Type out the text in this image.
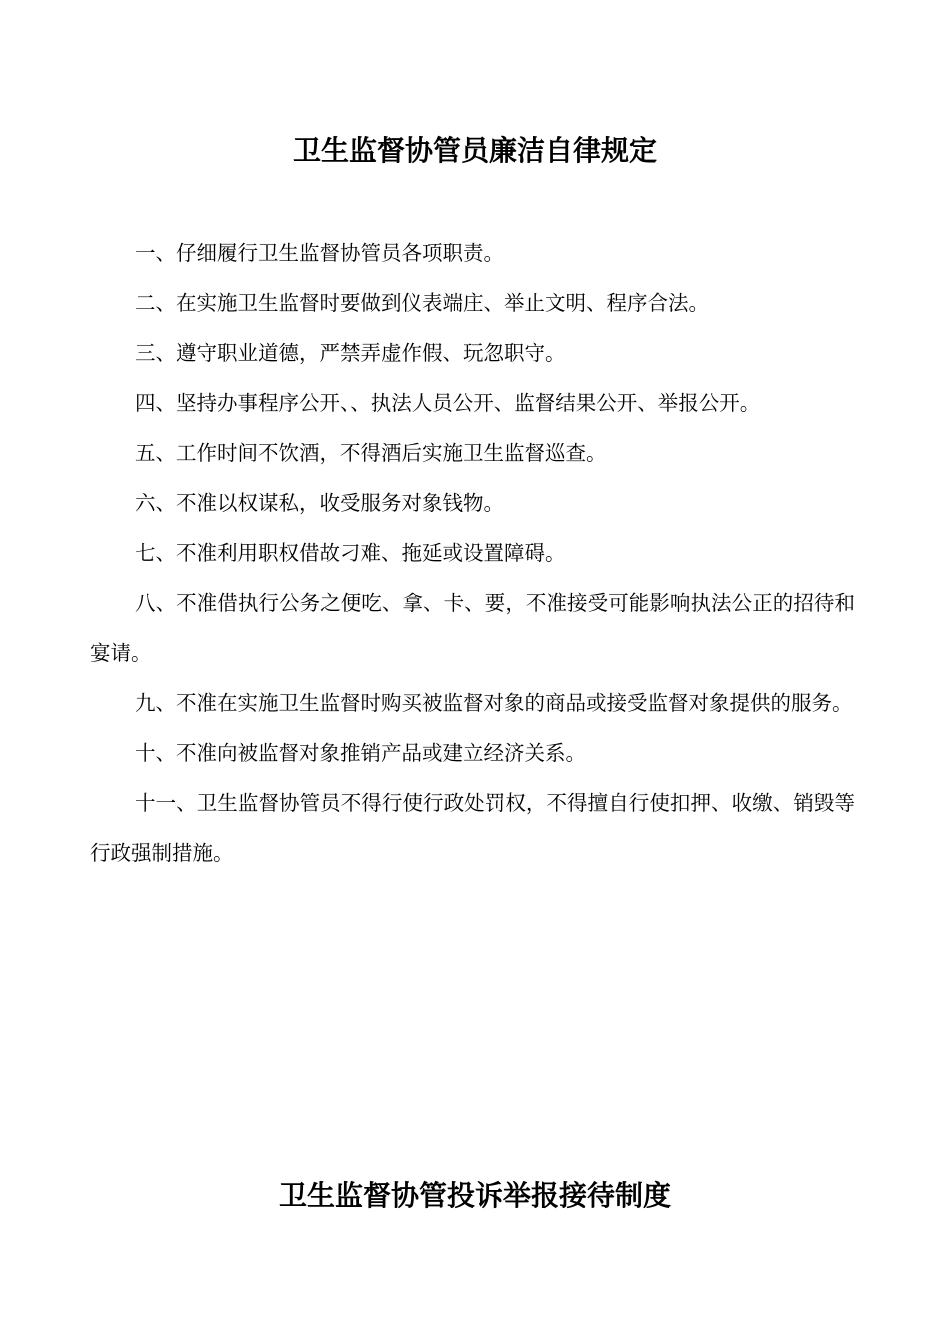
卫生监督协管员廉洁自律规定
一、仔细履行卫生监督协管员各项职责。
二、在实施卫生监督时要做到仪表端庄、举止文明、程序合法。
三、遵守职业道德，严禁弄虚作假、玩忽职守。
四、坚持办事程序公开、、执法人员公开、监督结果公开、举报公开。
五、工作时间不饮酒，不得酒后实施卫生监督巡查。
六、不准以权谋私，收受服务对象钱物。
七、不准利用职权借故刁难、拖延或设置障碍。
八、不准借执行公务之便吃、拿、卡、要，不准接受可能影响执法公正的招待和宴请。
九、不准在实施卫生监督时购买被监督对象的商品或接受监督对象提供的服务。
十、不准向被监督对象推销产品或建立经济关系。
十一、卫生监督协管员不得行使行政处罚权，不得擅自行使扣押、收缴、销毁等行政强制措施。
卫生监督协管投诉举报接待制度
